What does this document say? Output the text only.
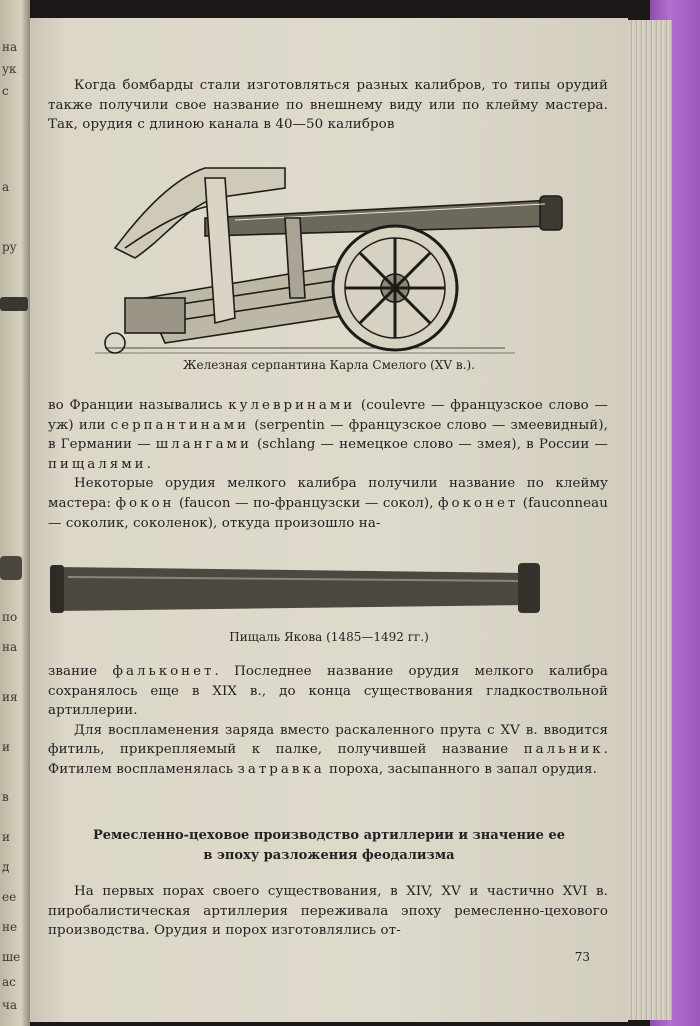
на
ук
с
а
ру
по
на
ия
и
в
и
д
ее
не
ше
ас
ча

Когда бомбарды стали изготовляться разных калибров, то типы орудий также получили свое название по внешнему виду или по клейму мастера. Так, орудия с длиною канала в 40—50 калибров

Железная серпантина Карла Смелого (XV в.).

во Франции назывались кулевринами (coulevre — французское слово — уж) или серпантинами (serpentin — французское слово — змеевидный), в Германии — шлангами (schlang — немецкое слово — змея), в России — пищалями.

Некоторые орудия мелкого калибра получили название по клейму мастера: фокон (faucon — по-французски — сокол), фоконет (fauconneau — соколик, соколенок), откуда произошло на-

Пищаль Якова (1485—1492 гг.)

звание фальконет. Последнее название орудия мелкого калибра сохранялось еще в XIX в., до конца существования гладкоствольной артиллерии.

Для воспламенения заряда вместо раскаленного прута с XV в. вводится фитиль, прикрепляемый к палке, получившей название пальник. Фитилем воспламенялась затравка пороха, засыпанного в запал орудия.

Ремесленно-цеховое производство артиллерии и значение ее
в эпоху разложения феодализма

На первых порах своего существования, в XIV, XV и частично XVI в. пиробалистическая артиллерия переживала эпоху ремесленно-цехового производства. Орудия и порох изготовлялись от-

73
